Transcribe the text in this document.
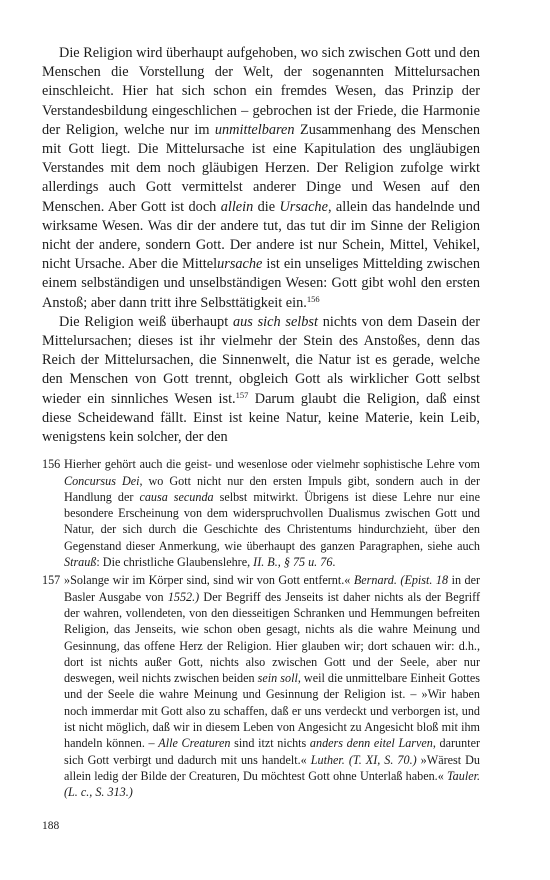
Die Religion wird überhaupt aufgehoben, wo sich zwischen Gott und den Menschen die Vorstellung der Welt, der sogenannten Mittelursachen einschleicht. Hier hat sich schon ein fremdes Wesen, das Prinzip der Verstandesbildung eingeschlichen – gebrochen ist der Friede, die Harmonie der Religion, welche nur im unmittelbaren Zusammenhang des Menschen mit Gott liegt. Die Mittelursache ist eine Kapitulation des ungläubigen Verstandes mit dem noch gläubigen Herzen. Der Religion zufolge wirkt allerdings auch Gott vermittelst anderer Dinge und Wesen auf den Menschen. Aber Gott ist doch allein die Ursache, allein das handelnde und wirksame Wesen. Was dir der andere tut, das tut dir im Sinne der Religion nicht der andere, sondern Gott. Der andere ist nur Schein, Mittel, Vehikel, nicht Ursache. Aber die Mittelursache ist ein unseliges Mittelding zwischen einem selbständigen und unselbständigen Wesen: Gott gibt wohl den ersten Anstoß; aber dann tritt ihre Selbsttätigkeit ein.$^{156}$

Die Religion weiß überhaupt aus sich selbst nichts von dem Dasein der Mittelursachen; dieses ist ihr vielmehr der Stein des Anstoßes, denn das Reich der Mittelursachen, die Sinnenwelt, die Natur ist es gerade, welche den Menschen von Gott trennt, obgleich Gott als wirklicher Gott selbst wieder ein sinnliches Wesen ist.$^{157}$ Darum glaubt die Religion, daß einst diese Scheidewand fällt. Einst ist keine Natur, keine Materie, kein Leib, wenigstens kein solcher, der den

156 Hierher gehört auch die geist- und wesenlose oder vielmehr sophistische Lehre vom Concursus Dei, wo Gott nicht nur den ersten Impuls gibt, sondern auch in der Handlung der causa secunda selbst mitwirkt. Übrigens ist diese Lehre nur eine besondere Erscheinung von dem widerspruchvollen Dualismus zwischen Gott und Natur, der sich durch die Geschichte des Christentums hindurchzieht, über den Gegenstand dieser Anmerkung, wie überhaupt des ganzen Paragraphen, siehe auch Strauß: Die christliche Glaubenslehre, II. B., § 75 u. 76.
157 »Solange wir im Körper sind, sind wir von Gott entfernt.« Bernard. (Epist. 18 in der Basler Ausgabe von 1552.) Der Begriff des Jenseits ist daher nichts als der Begriff der wahren, vollendeten, von den diesseitigen Schranken und Hemmungen befreiten Religion, das Jenseits, wie schon oben gesagt, nichts als die wahre Meinung und Gesinnung, das offene Herz der Religion. Hier glauben wir; dort schauen wir: d.h., dort ist nichts außer Gott, nichts also zwischen Gott und der Seele, aber nur deswegen, weil nichts zwischen beiden sein soll, weil die unmittelbare Einheit Gottes und der Seele die wahre Meinung und Gesinnung der Religion ist. – »Wir haben noch immerdar mit Gott also zu schaffen, daß er uns verdeckt und verborgen ist, und ist nicht möglich, daß wir in diesem Leben von Angesicht zu Angesicht bloß mit ihm handeln können. – Alle Creaturen sind itzt nichts anders denn eitel Larven, darunter sich Gott verbirgt und dadurch mit uns handelt.« Luther. (T. XI, S. 70.) »Wärest Du allein ledig der Bilde der Creaturen, Du möchtest Gott ohne Unterlaß haben.« Tauler. (L. c., S. 313.)
188
